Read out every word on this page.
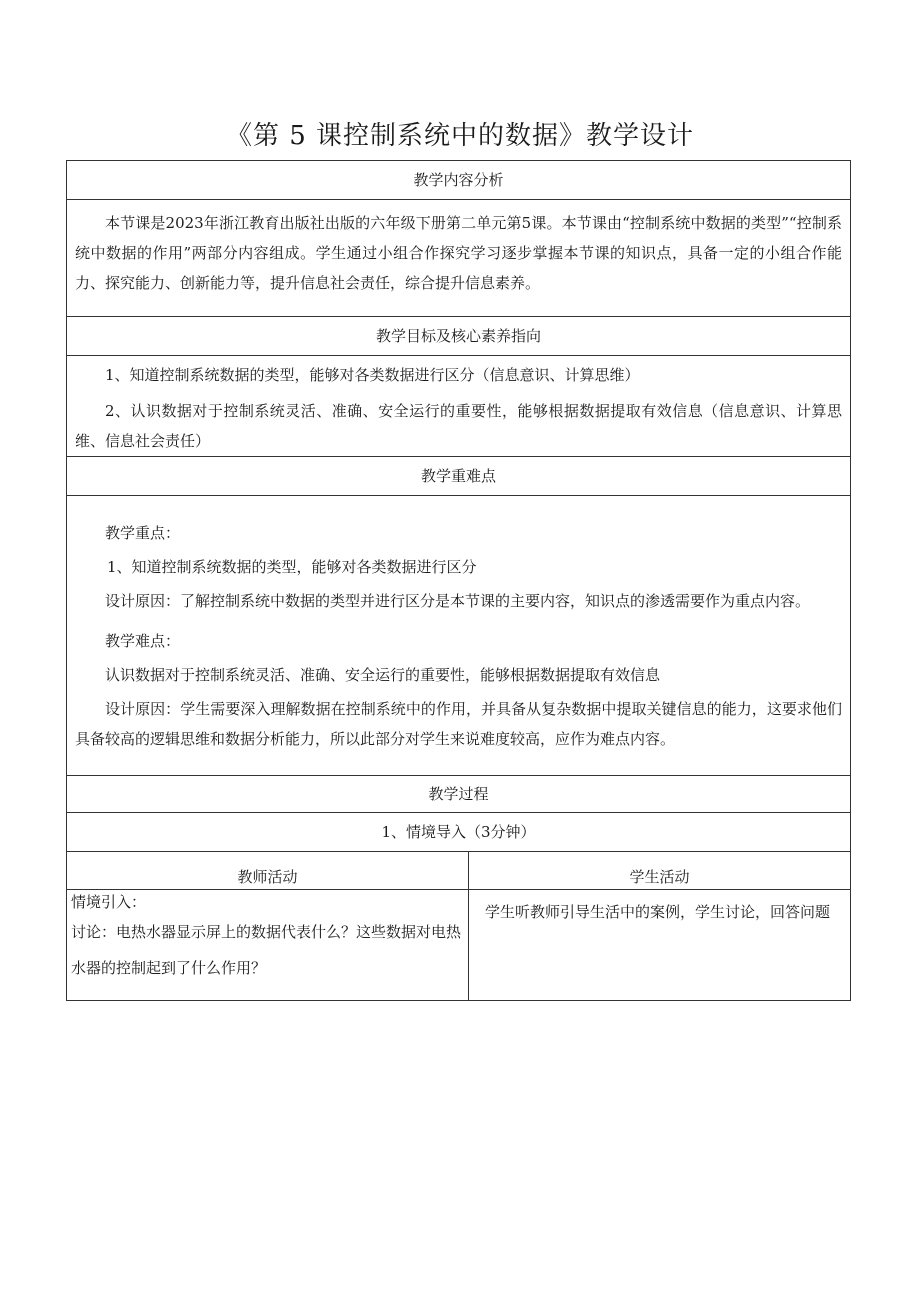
《第 5 课控制系统中的数据》教学设计
教学内容分析

本节课是2023年浙江教育出版社出版的六年级下册第二单元第5课。本节课由“控制系统中数据的类型”“控制系统中数据的作用”两部分内容组成。学生通过小组合作探究学习逐步掌握本节课的知识点，具备一定的小组合作能力、探究能力、创新能力等，提升信息社会责任，综合提升信息素养。

教学目标及核心素养指向

1、知道控制系统数据的类型，能够对各类数据进行区分（信息意识、计算思维）

2、认识数据对于控制系统灵活、准确、安全运行的重要性，能够根据数据提取有效信息（信息意识、计算思维、信息社会责任）

教学重难点

教学重点：

1、知道控制系统数据的类型，能够对各类数据进行区分

设计原因：了解控制系统中数据的类型并进行区分是本节课的主要内容，知识点的渗透需要作为重点内容。

教学难点：

认识数据对于控制系统灵活、准确、安全运行的重要性，能够根据数据提取有效信息

设计原因：学生需要深入理解数据在控制系统中的作用，并具备从复杂数据中提取关键信息的能力，这要求他们具备较高的逻辑思维和数据分析能力，所以此部分对学生来说难度较高，应作为难点内容。

教学过程
1、情境导入（3分钟）
教师活动	学生活动

情境引入：

讨论：电热水器显示屏上的数据代表什么？这些数据对电热水器的控制起到了什么作用？

学生听教师引导生活中的案例，学生讨论，回答问题
